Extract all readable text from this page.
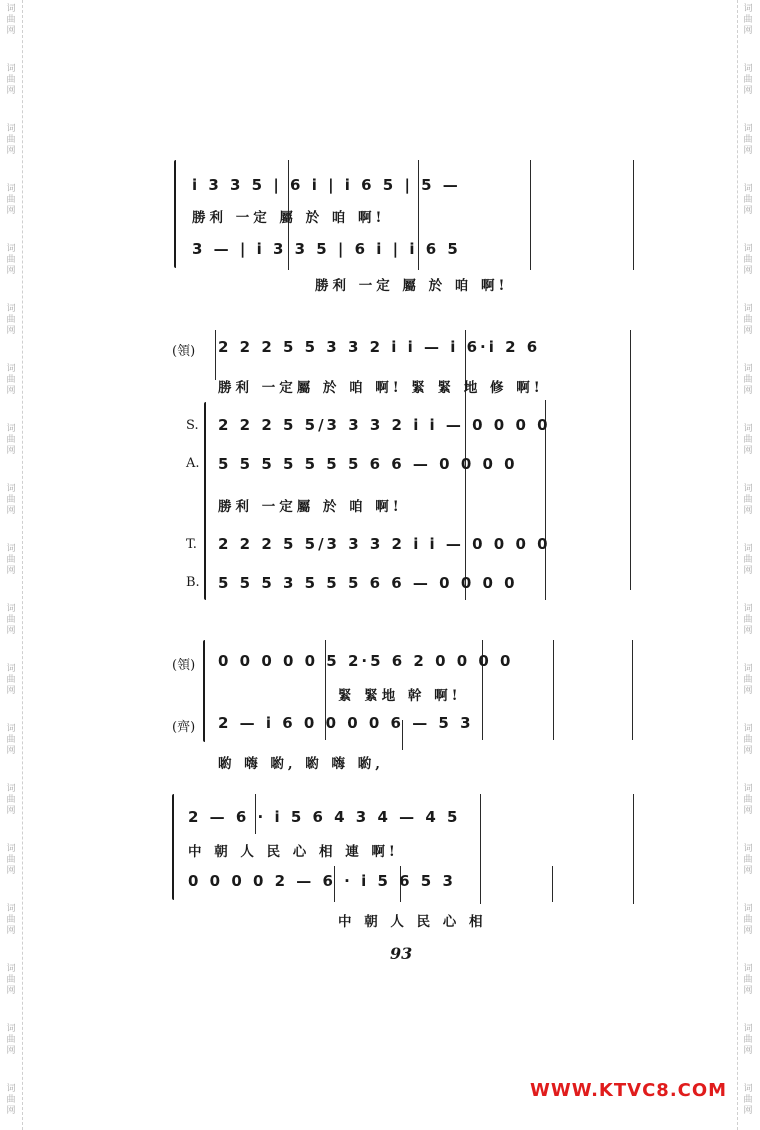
词
曲
网
词
曲
网
词
曲
网
词
曲
网
词
曲
网
词
曲
网
词
曲
网
词
曲
网
词
曲
网
词
曲
网
词
曲
网
词
曲
网
词
曲
网
词
曲
网
词
曲
网
词
曲
网
词
曲
网
词
曲
网
词
曲
网
词
曲
网
词
曲
网
词
曲
网
词
曲
网
词
曲
网
词
曲
网
词
曲
网
词
曲
网
词
曲
网
词
曲
网
词
曲
网
词
曲
网
词
曲
网
词
曲
网
词
曲
网
词
曲
网
词
曲
网
词
曲
网
词
曲
网
i 3 3 5 | 6 i | i 6 5 | 5 —
勝利 一定 屬 於 咱 啊!
3 — | i 3 3 5 | 6 i | i 6 5
勝利 一定 屬 於 咱 啊!
(領) 2 2 2 5 5 3 3 2 i i — i 6·i 2 6
勝利 一定屬 於 咱 啊! 緊 緊 地 修 啊!
S. 2 2 2 5 5/3 3 3 2 i i — 0 0 0 0
A. 5 5 5 5 5 5 5 6 6 — 0 0 0 0
勝利 一定屬 於 咱 啊!
T. 2 2 2 5 5/3 3 3 2 i i — 0 0 0 0
B. 5 5 5 3 5 5 5 6 6 — 0 0 0 0
(領) 0 0 0 0 0 5 2·5 6 2 0 0 0 0
緊 緊地 幹 啊!
(齊) 2 — i 6 0 0 0 0 6 — 5 3
喲 嗨 喲, 喲 嗨 喲,
2 — 6 · i 5 6 4 3 4 — 4 5
中 朝 人 民 心 相 連 啊!
0 0 0 0 2 — 6 · i 5 6 5 3
中 朝 人 民 心 相
93
WWW.KTVC8.COM
